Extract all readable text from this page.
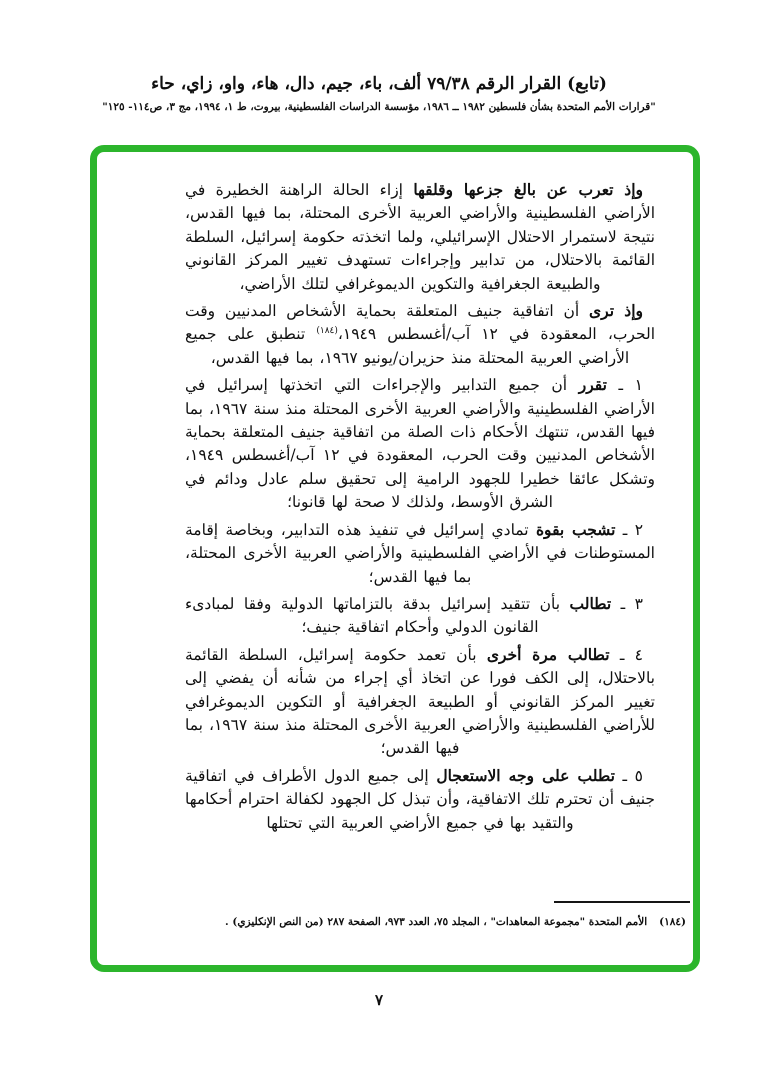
(تابع) القرار الرقم ٧٩/٣٨ ألف، باء، جيم، دال، هاء، واو، زاي، حاء
"قرارات الأمم المتحدة بشأن فلسطين ١٩٨٢ ــ ١٩٨٦، مؤسسة الدراسات الفلسطينية، بيروت، ط ١، ١٩٩٤، مج ٣، ص١١٤- ١٢٥"

وإذ تعرب عن بالغ جزعها وقلقها إزاء الحالة الراهنة الخطيرة في الأراضي الفلسطينية والأراضي العربية الأخرى المحتلة، بما فيها القدس، نتيجة لاستمرار الاحتلال الإسرائيلي، ولما اتخذته حكومة إسرائيل، السلطة القائمة بالاحتلال، من تدابير وإجراءات تستهدف تغيير المركز القانوني والطبيعة الجغرافية والتكوين الديموغرافي لتلك الأراضي،

وإذ ترى أن اتفاقية جنيف المتعلقة بحماية الأشخاص المدنيين وقت الحرب، المعقودة في ١٢ آب/أغسطس ١٩٤٩،$^{(١٨٤)}$ تنطبق على جميع الأراضي العربية المحتلة منذ حزيران/يونيو ١٩٦٧، بما فيها القدس،

١ ـ تقرر أن جميع التدابير والإجراءات التي اتخذتها إسرائيل في الأراضي الفلسطينية والأراضي العربية الأخرى المحتلة منذ سنة ١٩٦٧، بما فيها القدس، تنتهك الأحكام ذات الصلة من اتفاقية جنيف المتعلقة بحماية الأشخاص المدنيين وقت الحرب، المعقودة في ١٢ آب/أغسطس ١٩٤٩، وتشكل عائقا خطيرا للجهود الرامية إلى تحقيق سلم عادل ودائم في الشرق الأوسط، ولذلك لا صحة لها قانونا؛

٢ ـ تشجب بقوة تمادي إسرائيل في تنفيذ هذه التدابير، وبخاصة إقامة المستوطنات في الأراضي الفلسطينية والأراضي العربية الأخرى المحتلة، بما فيها القدس؛

٣ ـ تطالب بأن تتقيد إسرائيل بدقة بالتزاماتها الدولية وفقا لمبادىء القانون الدولي وأحكام اتفاقية جنيف؛

٤ ـ تطالب مرة أخرى بأن تعمد حكومة إسرائيل، السلطة القائمة بالاحتلال، إلى الكف فورا عن اتخاذ أي إجراء من شأنه أن يفضي إلى تغيير المركز القانوني أو الطبيعة الجغرافية أو التكوين الديموغرافي للأراضي الفلسطينية والأراضي العربية الأخرى المحتلة منذ سنة ١٩٦٧، بما فيها القدس؛

٥ ـ تطلب على وجه الاستعجال إلى جميع الدول الأطراف في اتفاقية جنيف أن تحترم تلك الاتفاقية، وأن تبذل كل الجهود لكفالة احترام أحكامها والتقيد بها في جميع الأراضي العربية التي تحتلها

(١٨٤)الأمم المتحدة "مجموعة المعاهدات" ، المجلد ٧٥، العدد ٩٧٣، الصفحة ٢٨٧ (من النص الإنكليزي) .
٧
